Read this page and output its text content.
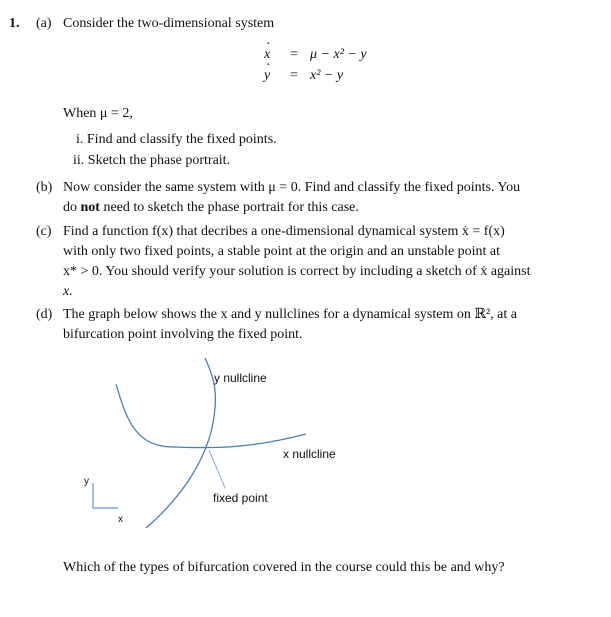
1. (a) Consider the two-dimensional system
x · = μ − x² − y
y · = x² − y
When μ = 2,
i. Find and classify the fixed points.
ii. Sketch the phase portrait.
(b) Now consider the same system with μ = 0. Find and classify the fixed points. You
do not need to sketch the phase portrait for this case.
(c) Find a function f(x) that decribes a one-dimensional dynamical system ẋ = f(x)
with only two fixed points, a stable point at the origin and an unstable point at
x* > 0. You should verify your solution is correct by including a sketch of ẋ against
x.
(d) The graph below shows the x and y nullclines for a dynamical system on ℝ², at a
bifurcation point involving the fixed point.
y nullcline
x nullcline
fixed point
y
x
Which of the types of bifurcation covered in the course could this be and why?
